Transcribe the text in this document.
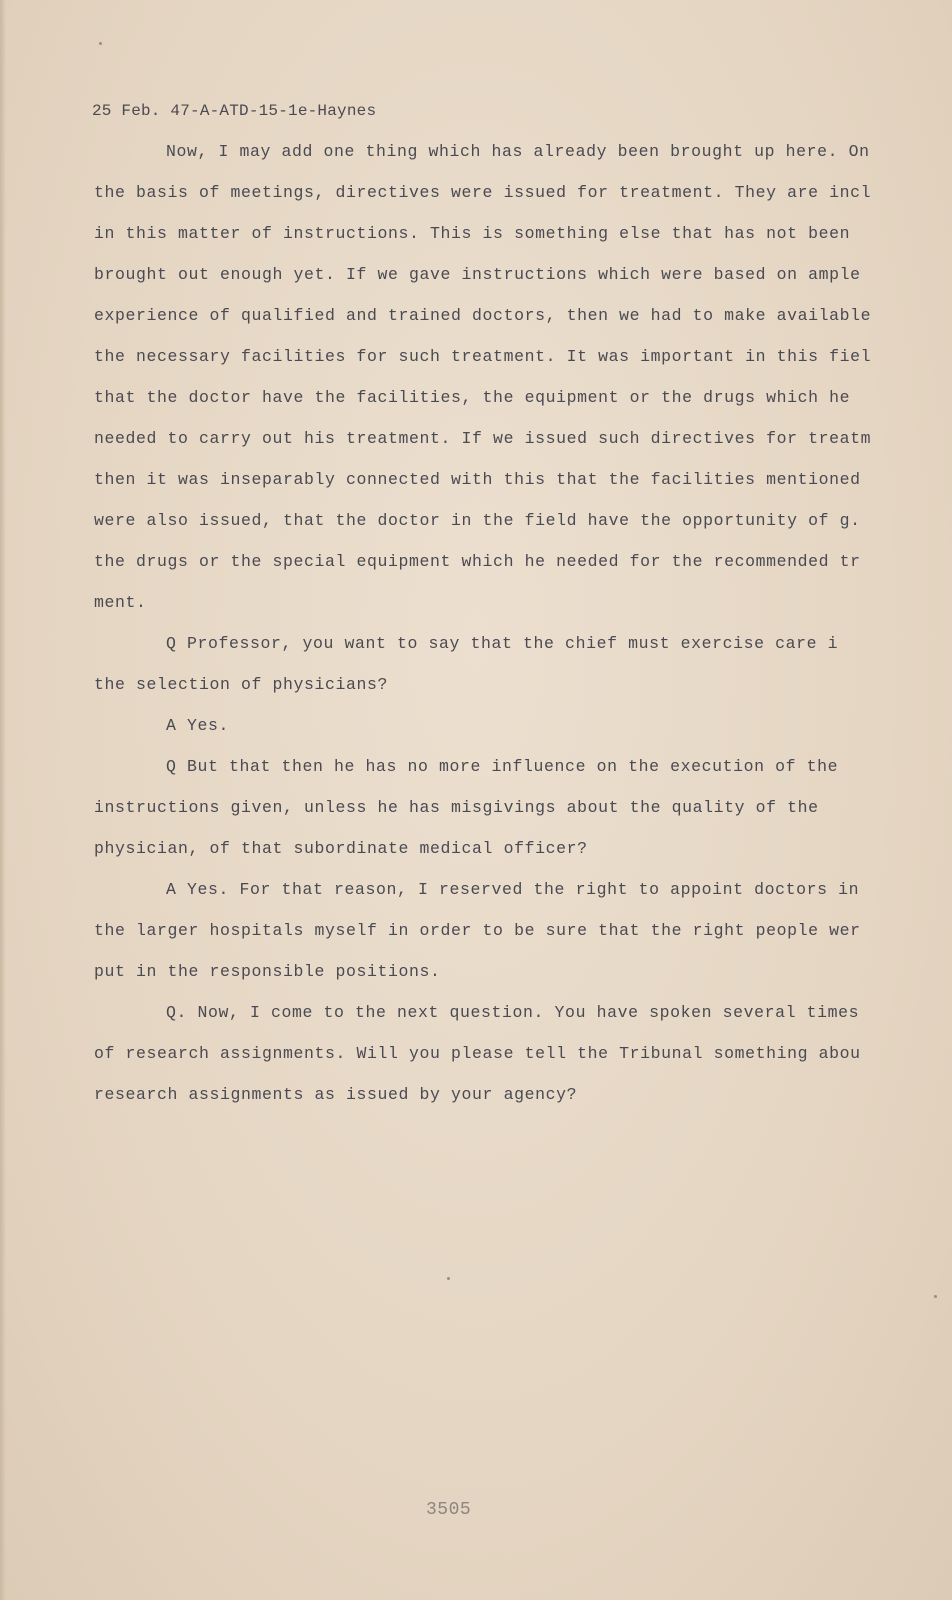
25 Feb. 47-A-ATD-15-1e-Haynes
Now, I may add one thing which has already been brought up here. On
the basis of meetings, directives were issued for treatment. They are incl
in this matter of instructions. This is something else that has not been
brought out enough yet. If we gave instructions which were based on ample
experience of qualified and trained doctors, then we had to make available
the necessary facilities for such treatment. It was important in this fiel
that the doctor have the facilities, the equipment or the drugs which he
needed to carry out his treatment. If we issued such directives for treatm
then it was inseparably connected with this that the facilities mentioned
were also issued, that the doctor in the field have the opportunity of g.
the drugs or the special equipment which he needed for the recommended tr
ment.
Q Professor, you want to say that the chief must exercise care i
the selection of physicians?
A Yes.
Q But that then he has no more influence on the execution of the
instructions given, unless he has misgivings about the quality of the
physician, of that subordinate medical officer?
A Yes. For that reason, I reserved the right to appoint doctors in
the larger hospitals myself in order to be sure that the right people wer
put in the responsible positions.
Q. Now, I come to the next question. You have spoken several times
of research assignments. Will you please tell the Tribunal something abou
research assignments as issued by your agency?
3505
